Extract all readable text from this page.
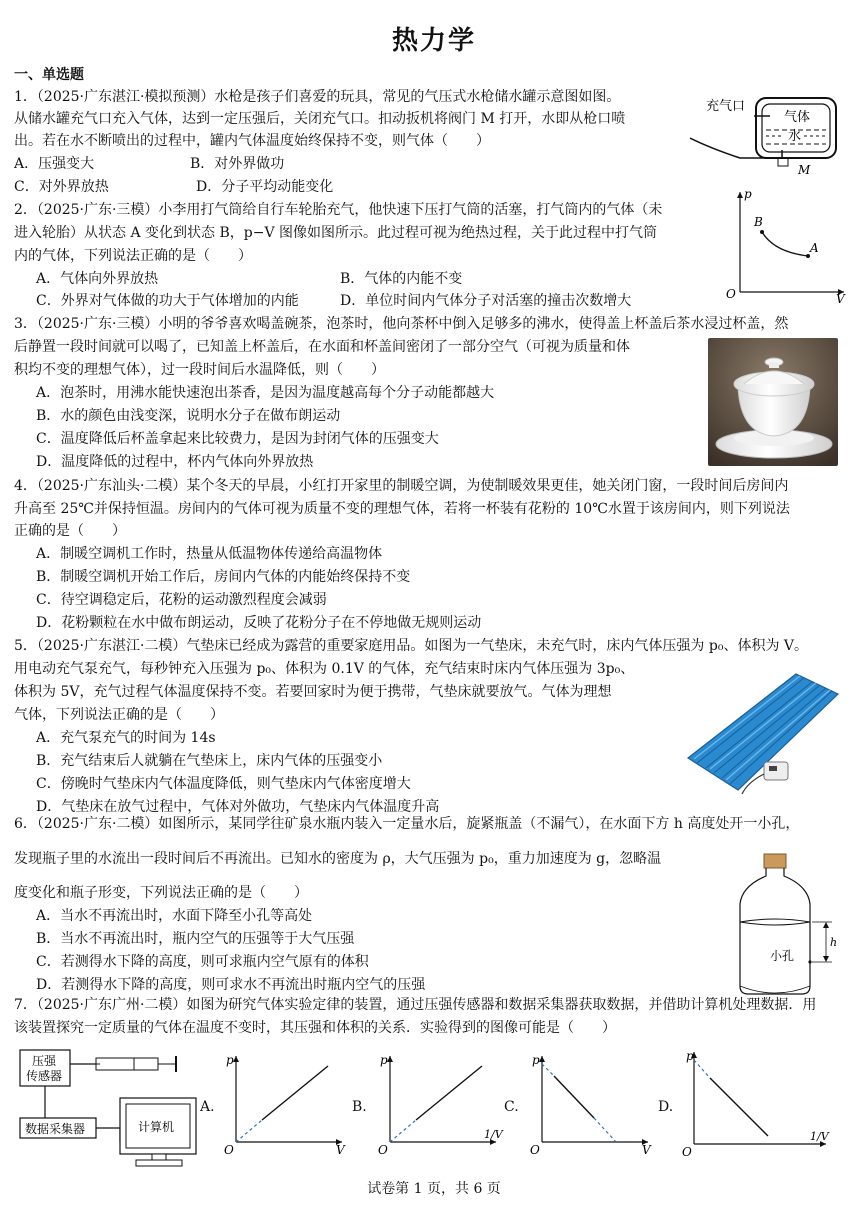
热力学
一、单选题
1．（2025·广东湛江·模拟预测）水枪是孩子们喜爱的玩具，常见的气压式水枪储水罐示意图如图。
从储水罐充气口充入气体，达到一定压强后，关闭充气口。扣动扳机将阀门 M 打开，水即从枪口喷
出。若在水不断喷出的过程中，罐内气体温度始终保持不变，则气体（　　）
A．压强变大	B．对外界做功
C．对外界放热	D．分子平均动能变化
充气口
气体
水
M
2．（2025·广东·三模）小李用打气筒给自行车轮胎充气，他快速下压打气筒的活塞，打气筒内的气体（未
进入轮胎）从状态 A 变化到状态 B，p−V 图像如图所示。此过程可视为绝热过程，关于此过程中打气筒
内的气体，下列说法正确的是（　　）
A．气体向外界放热	B．气体的内能不变
C．外界对气体做的功大于气体增加的内能	D．单位时间内气体分子对活塞的撞击次数增大
p
V
O
B
A
3．（2025·广东·三模）小明的爷爷喜欢喝盖碗茶，泡茶时，他向茶杯中倒入足够多的沸水，使得盖上杯盖后茶水浸过杯盖，然
后静置一段时间就可以喝了，已知盖上杯盖后，在水面和杯盖间密闭了一部分空气（可视为质量和体
积均不变的理想气体），过一段时间后水温降低，则（　　）
A．泡茶时，用沸水能快速泡出茶香，是因为温度越高每个分子动能都越大
B．水的颜色由浅变深，说明水分子在做布朗运动
C．温度降低后杯盖拿起来比较费力，是因为封闭气体的压强变大
D．温度降低的过程中，杯内气体向外界放热
4．（2025·广东汕头·二模）某个冬天的早晨，小红打开家里的制暖空调，为使制暖效果更佳，她关闭门窗，一段时间后房间内
升高至 25℃并保持恒温。房间内的气体可视为质量不变的理想气体，若将一杯装有花粉的 10℃水置于该房间内，则下列说法
正确的是（　　）
A．制暖空调机工作时，热量从低温物体传递给高温物体
B．制暖空调机开始工作后，房间内气体的内能始终保持不变
C．待空调稳定后，花粉的运动激烈程度会减弱
D．花粉颗粒在水中做布朗运动，反映了花粉分子在不停地做无规则运动
5．（2025·广东湛江·二模）气垫床已经成为露营的重要家庭用品。如图为一气垫床，未充气时，床内气体压强为 p₀、体积为 V。
用电动充气泵充气，每秒钟充入压强为 p₀、体积为 0.1V 的气体，充气结束时床内气体压强为 3p₀、
体积为 5V，充气过程气体温度保持不变。若要回家时为便于携带，气垫床就要放气。气体为理想
气体，下列说法正确的是（　　）
A．充气泵充气的时间为 14s
B．充气结束后人就躺在气垫床上，床内气体的压强变小
C．傍晚时气垫床内气体温度降低，则气垫床内气体密度增大
D．气垫床在放气过程中，气体对外做功，气垫床内气体温度升高
6．（2025·广东·二模）如图所示，某同学往矿泉水瓶内装入一定量水后，旋紧瓶盖（不漏气），在水面下方 h 高度处开一小孔，
发现瓶子里的水流出一段时间后不再流出。已知水的密度为 ρ，大气压强为 p₀，重力加速度为 g，忽略温
度变化和瓶子形变，下列说法正确的是（　　）
A．当水不再流出时，水面下降至小孔等高处
B．当水不再流出时，瓶内空气的压强等于大气压强
C．若测得水下降的高度，则可求瓶内空气原有的体积
D．若测得水下降的高度，则可求水不再流出时瓶内空气的压强
小孔
h
7．（2025·广东广州·二模）如图为研究气体实验定律的装置，通过压强传感器和数据采集器获取数据，并借助计算机处理数据．用
该装置探究一定质量的气体在温度不变时，其压强和体积的关系．实验得到的图像可能是（　　）
压强
传感器
数据采集器	计算机
A.
p
V
O
B.
p
1/V
O
C.
p
V
O
D.
p
1/V
O
试卷第 1 页，共 6 页
